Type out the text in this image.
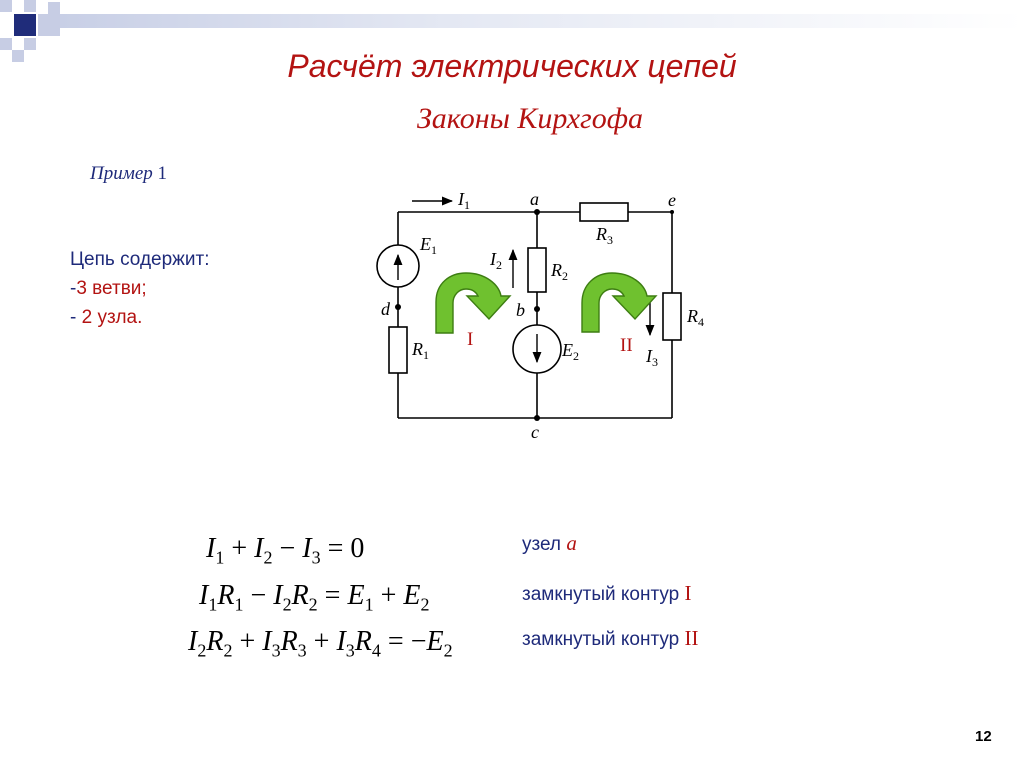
Расчёт электрических цепей
Законы Кирхгофа
Пример 1
Цепь содержит:
-3 ветви;
- 2 узла.
a	e
d	b
c
$I_1$
$I_2$
$I_3$
$E_1$
$E_2$
$R_1$
$R_2$
$R_3$
$R_4$
I	II
$I_1 + I_2 - I_3 = 0$
$I_1R_1 - I_2R_2 = E_1 + E_2$
$I_2R_2 + I_3R_3 + I_3R_4 = -E_2$
узел a
замкнутый контур I
замкнутый контур II
12
